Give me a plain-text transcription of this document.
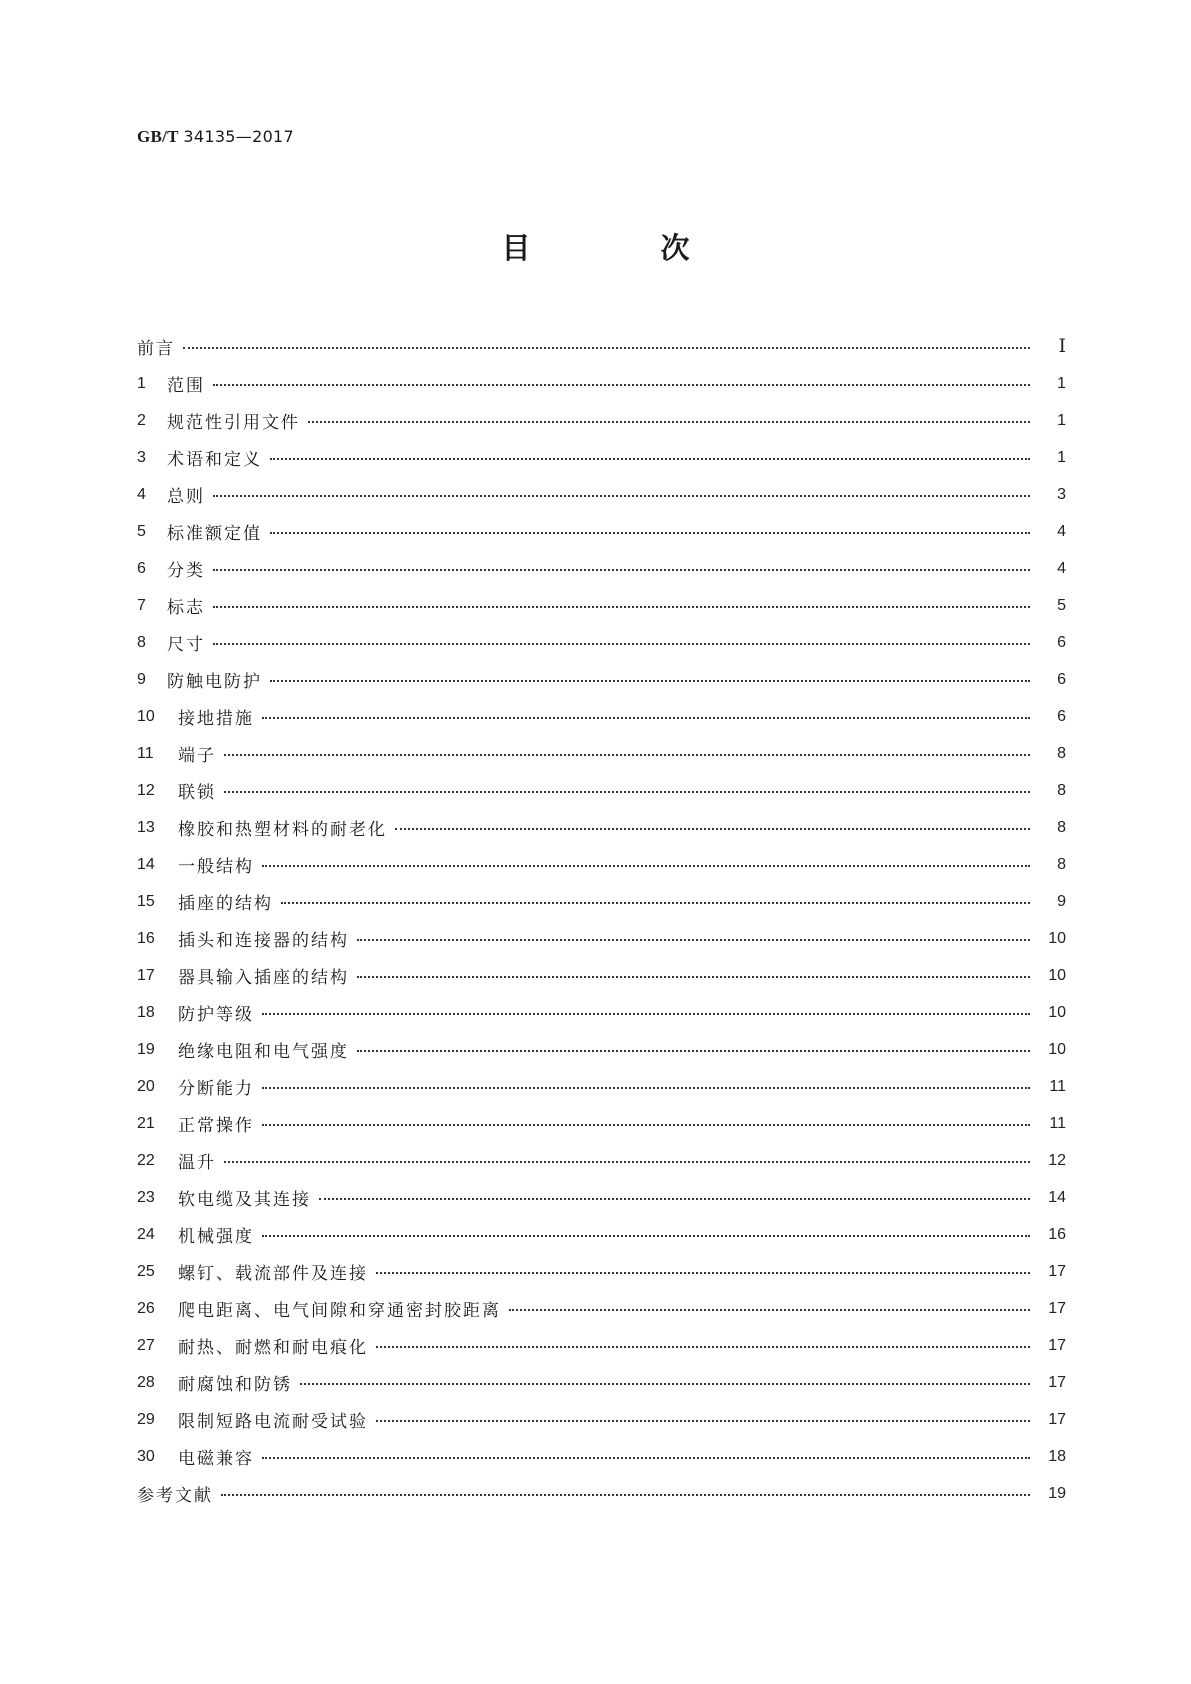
GB/T 34135—2017
目 次
前言	Ⅰ
1	范围	1
2	规范性引用文件	1
3	术语和定义	1
4	总则	3
5	标准额定值	4
6	分类	4
7	标志	5
8	尺寸	6
9	防触电防护	6
10	接地措施	6
11	端子	8
12	联锁	8
13	橡胶和热塑材料的耐老化	8
14	一般结构	8
15	插座的结构	9
16	插头和连接器的结构	10
17	器具输入插座的结构	10
18	防护等级	10
19	绝缘电阻和电气强度	10
20	分断能力	11
21	正常操作	11
22	温升	12
23	软电缆及其连接	14
24	机械强度	16
25	螺钉、载流部件及连接	17
26	爬电距离、电气间隙和穿通密封胶距离	17
27	耐热、耐燃和耐电痕化	17
28	耐腐蚀和防锈	17
29	限制短路电流耐受试验	17
30	电磁兼容	18
参考文献	19
